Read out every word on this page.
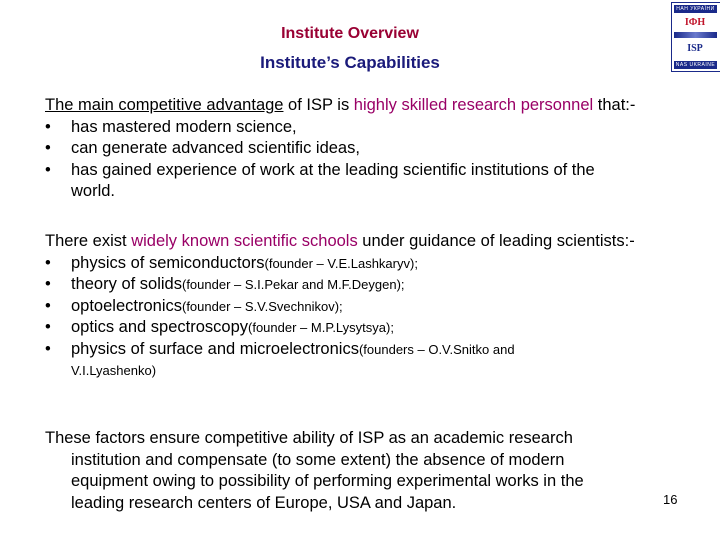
Institute Overview
Institute’s Capabilities
НАН УКРАЇНИ
ІФН
ISP
NAS UKRAINE
The main competitive advantage of ISP is highly skilled research personnel that:-
•	has mastered modern science,
•	can generate advanced scientific ideas,
•	has gained experience of work at the leading scientific institutions of the
world.
There exist widely known scientific schools under guidance of leading scientists:-
•	physics of semiconductors (founder – V.E.Lashkaryv);
•	theory of solids (founder – S.I.Pekar and M.F.Deygen);
•	optoelectronics (founder – S.V.Svechnikov);
•	optics and spectroscopy (founder – M.P.Lysytsya);
•	physics of surface and microelectronics (founders – O.V.Snitko and
V.I.Lyashenko)
These factors ensure competitive ability of ISP as an academic research
institution and compensate (to some extent) the absence of modern
equipment owing to possibility of performing experimental works in the
leading research centers of Europe, USA and Japan.	16
